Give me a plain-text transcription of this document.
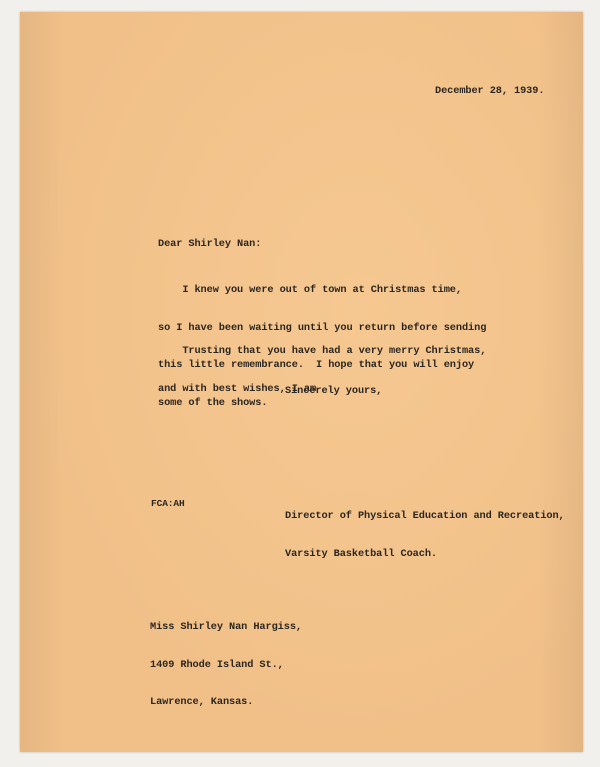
December 28, 1939.
Dear Shirley Nan:

I knew you were out of town at Christmas time,

so I have been waiting until you return before sending

this little remembrance.  I hope that you will enjoy

some of the shows.

Trusting that you have had a very merry Christmas,

and with best wishes, I am

Sincerely yours,

Director of Physical Education and Recreation,

Varsity Basketball Coach.

FCA:AH

Miss Shirley Nan Hargiss,

1409 Rhode Island St.,

Lawrence, Kansas.
